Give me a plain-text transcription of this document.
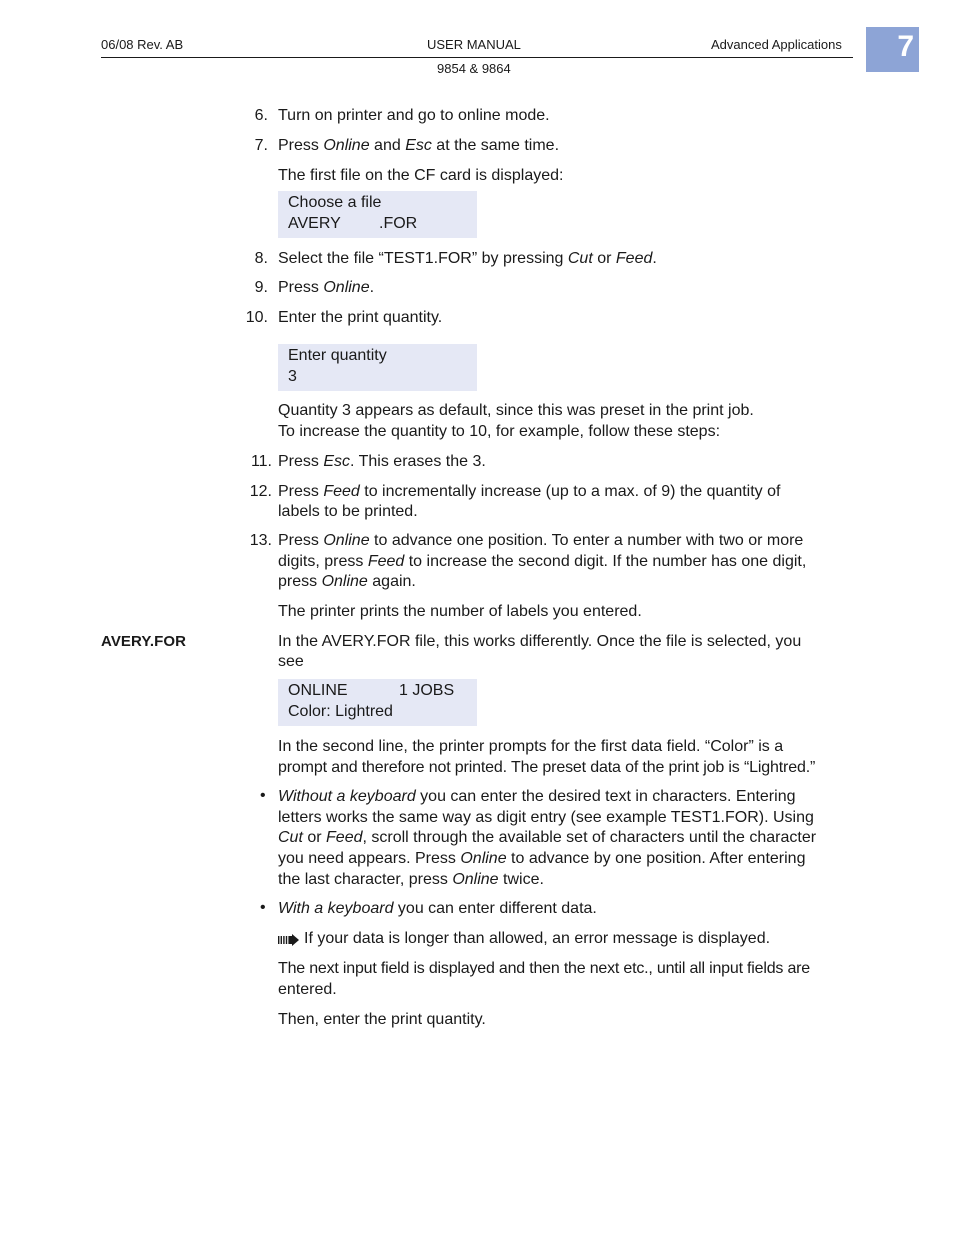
06/08 Rev. AB	USER MANUAL	Advanced Applications
9854 & 9864
7
6. Turn on printer and go to online mode.
7. Press Online and Esc at the same time.
The first file on the CF card is displayed:
Choose a file
AVERY	.FOR
8. Select the file “TEST1.FOR” by pressing Cut or Feed.
9. Press Online.
10. Enter the print quantity.
Enter quantity
3
Quantity 3 appears as default, since this was preset in the print job.
To increase the quantity to 10, for example, follow these steps:
11. Press Esc. This erases the 3.
12. Press Feed to incrementally increase (up to a max. of 9) the quantity of
labels to be printed.
13. Press Online to advance one position. To enter a number with two or more
digits, press Feed to increase the second digit. If the number has one digit,
press Online again.
The printer prints the number of labels you entered.
AVERY.FOR	In the AVERY.FOR file, this works differently. Once the file is selected, you
see
ONLINE	1 JOBS
Color: Lightred
In the second line, the printer prompts for the first data field. “Color” is a
prompt and therefore not printed. The preset data of the print job is “Lightred.”
• Without a keyboard you can enter the desired text in characters. Entering
letters works the same way as digit entry (see example TEST1.FOR). Using
Cut or Feed, scroll through the available set of characters until the character
you need appears. Press Online to advance by one position. After entering
the last character, press Online twice.
• With a keyboard you can enter different data.
If your data is longer than allowed, an error message is displayed.
The next input field is displayed and then the next etc., until all input fields are
entered.
Then, enter the print quantity.
